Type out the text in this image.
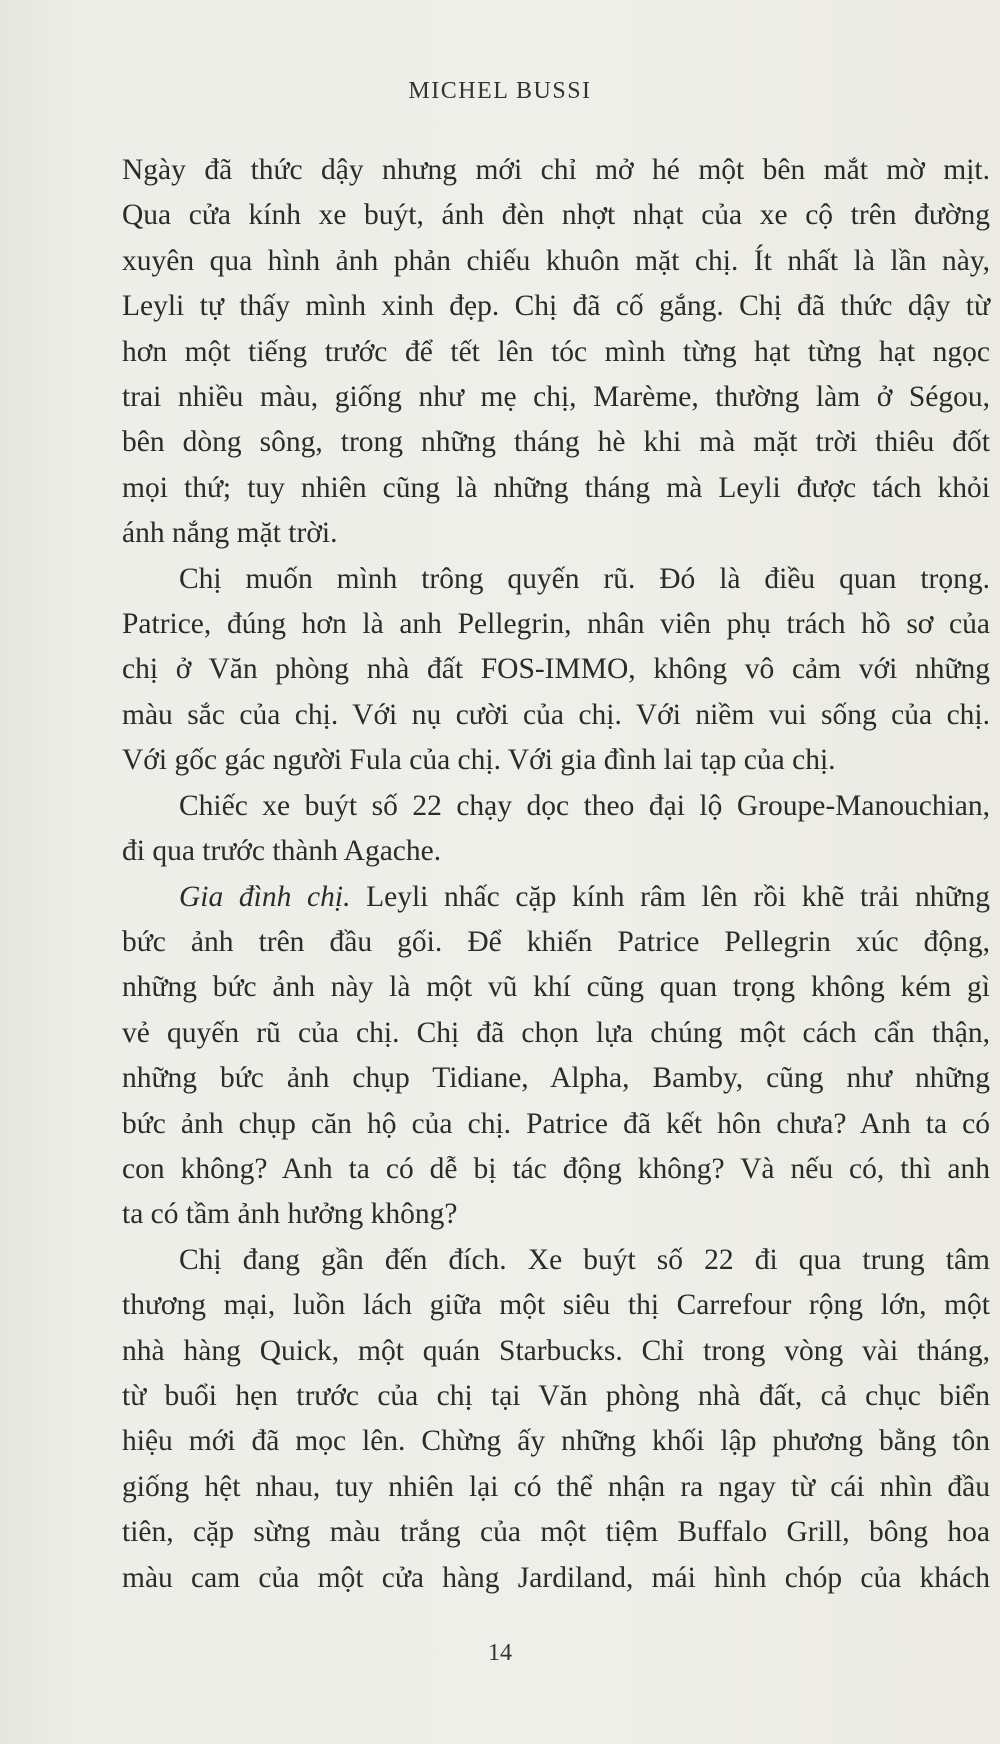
MICHEL BUSSI

Ngày đã thức dậy nhưng mới chỉ mở hé một bên mắt mờ mịt.
Qua cửa kính xe buýt, ánh đèn nhợt nhạt của xe cộ trên đường
xuyên qua hình ảnh phản chiếu khuôn mặt chị. Ít nhất là lần này,
Leyli tự thấy mình xinh đẹp. Chị đã cố gắng. Chị đã thức dậy từ
hơn một tiếng trước để tết lên tóc mình từng hạt từng hạt ngọc
trai nhiều màu, giống như mẹ chị, Marème, thường làm ở Ségou,
bên dòng sông, trong những tháng hè khi mà mặt trời thiêu đốt
mọi thứ; tuy nhiên cũng là những tháng mà Leyli được tách khỏi
ánh nắng mặt trời.

Chị muốn mình trông quyến rũ. Đó là điều quan trọng.
Patrice, đúng hơn là anh Pellegrin, nhân viên phụ trách hồ sơ của
chị ở Văn phòng nhà đất FOS-IMMO, không vô cảm với những
màu sắc của chị. Với nụ cười của chị. Với niềm vui sống của chị.
Với gốc gác người Fula của chị. Với gia đình lai tạp của chị.

Chiếc xe buýt số 22 chạy dọc theo đại lộ Groupe-Manouchian,
đi qua trước thành Agache.

Gia đình chị. Leyli nhấc cặp kính râm lên rồi khẽ trải những
bức ảnh trên đầu gối. Để khiến Patrice Pellegrin xúc động,
những bức ảnh này là một vũ khí cũng quan trọng không kém gì
vẻ quyến rũ của chị. Chị đã chọn lựa chúng một cách cẩn thận,
những bức ảnh chụp Tidiane, Alpha, Bamby, cũng như những
bức ảnh chụp căn hộ của chị. Patrice đã kết hôn chưa? Anh ta có
con không? Anh ta có dễ bị tác động không? Và nếu có, thì anh
ta có tầm ảnh hưởng không?

Chị đang gần đến đích. Xe buýt số 22 đi qua trung tâm
thương mại, luồn lách giữa một siêu thị Carrefour rộng lớn, một
nhà hàng Quick, một quán Starbucks. Chỉ trong vòng vài tháng,
từ buổi hẹn trước của chị tại Văn phòng nhà đất, cả chục biển
hiệu mới đã mọc lên. Chừng ấy những khối lập phương bằng tôn
giống hệt nhau, tuy nhiên lại có thể nhận ra ngay từ cái nhìn đầu
tiên, cặp sừng màu trắng của một tiệm Buffalo Grill, bông hoa
màu cam của một cửa hàng Jardiland, mái hình chóp của khách

14
